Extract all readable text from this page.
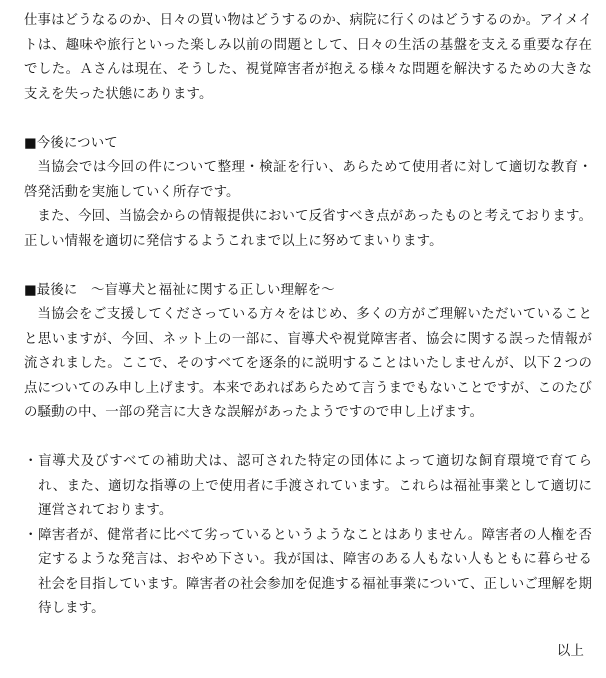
仕事はどうなるのか、日々の買い物はどうするのか、病院に行くのはどうするのか。アイメイトは、趣味や旅行といった楽しみ以前の問題として、日々の生活の基盤を支える重要な存在でした。Ａさんは現在、そうした、視覚障害者が抱える様々な問題を解決するための大きな支えを失った状態にあります。

■今後について

当協会では今回の件について整理・検証を行い、あらためて使用者に対して適切な教育・啓発活動を実施していく所存です。

また、今回、当協会からの情報提供において反省すべき点があったものと考えております。正しい情報を適切に発信するようこれまで以上に努めてまいります。

■最後に　～盲導犬と福祉に関する正しい理解を～

当協会をご支援してくださっている方々をはじめ、多くの方がご理解いただいていることと思いますが、今回、ネット上の一部に、盲導犬や視覚障害者、協会に関する誤った情報が流されました。ここで、そのすべてを逐条的に説明することはいたしませんが、以下２つの点についてのみ申し上げます。本来であればあらためて言うまでもないことですが、このたびの騒動の中、一部の発言に大きな誤解があったようですので申し上げます。

・ 盲導犬及びすべての補助犬は、認可された特定の団体によって適切な飼育環境で育てられ、また、適切な指導の上で使用者に手渡されています。これらは福祉事業として適切に運営されております。

・ 障害者が、健常者に比べて劣っているというようなことはありません。障害者の人権を否定するような発言は、おやめ下さい。我が国は、障害のある人もない人もともに暮らせる社会を目指しています。障害者の社会参加を促進する福祉事業について、正しいご理解を期待します。

以上
